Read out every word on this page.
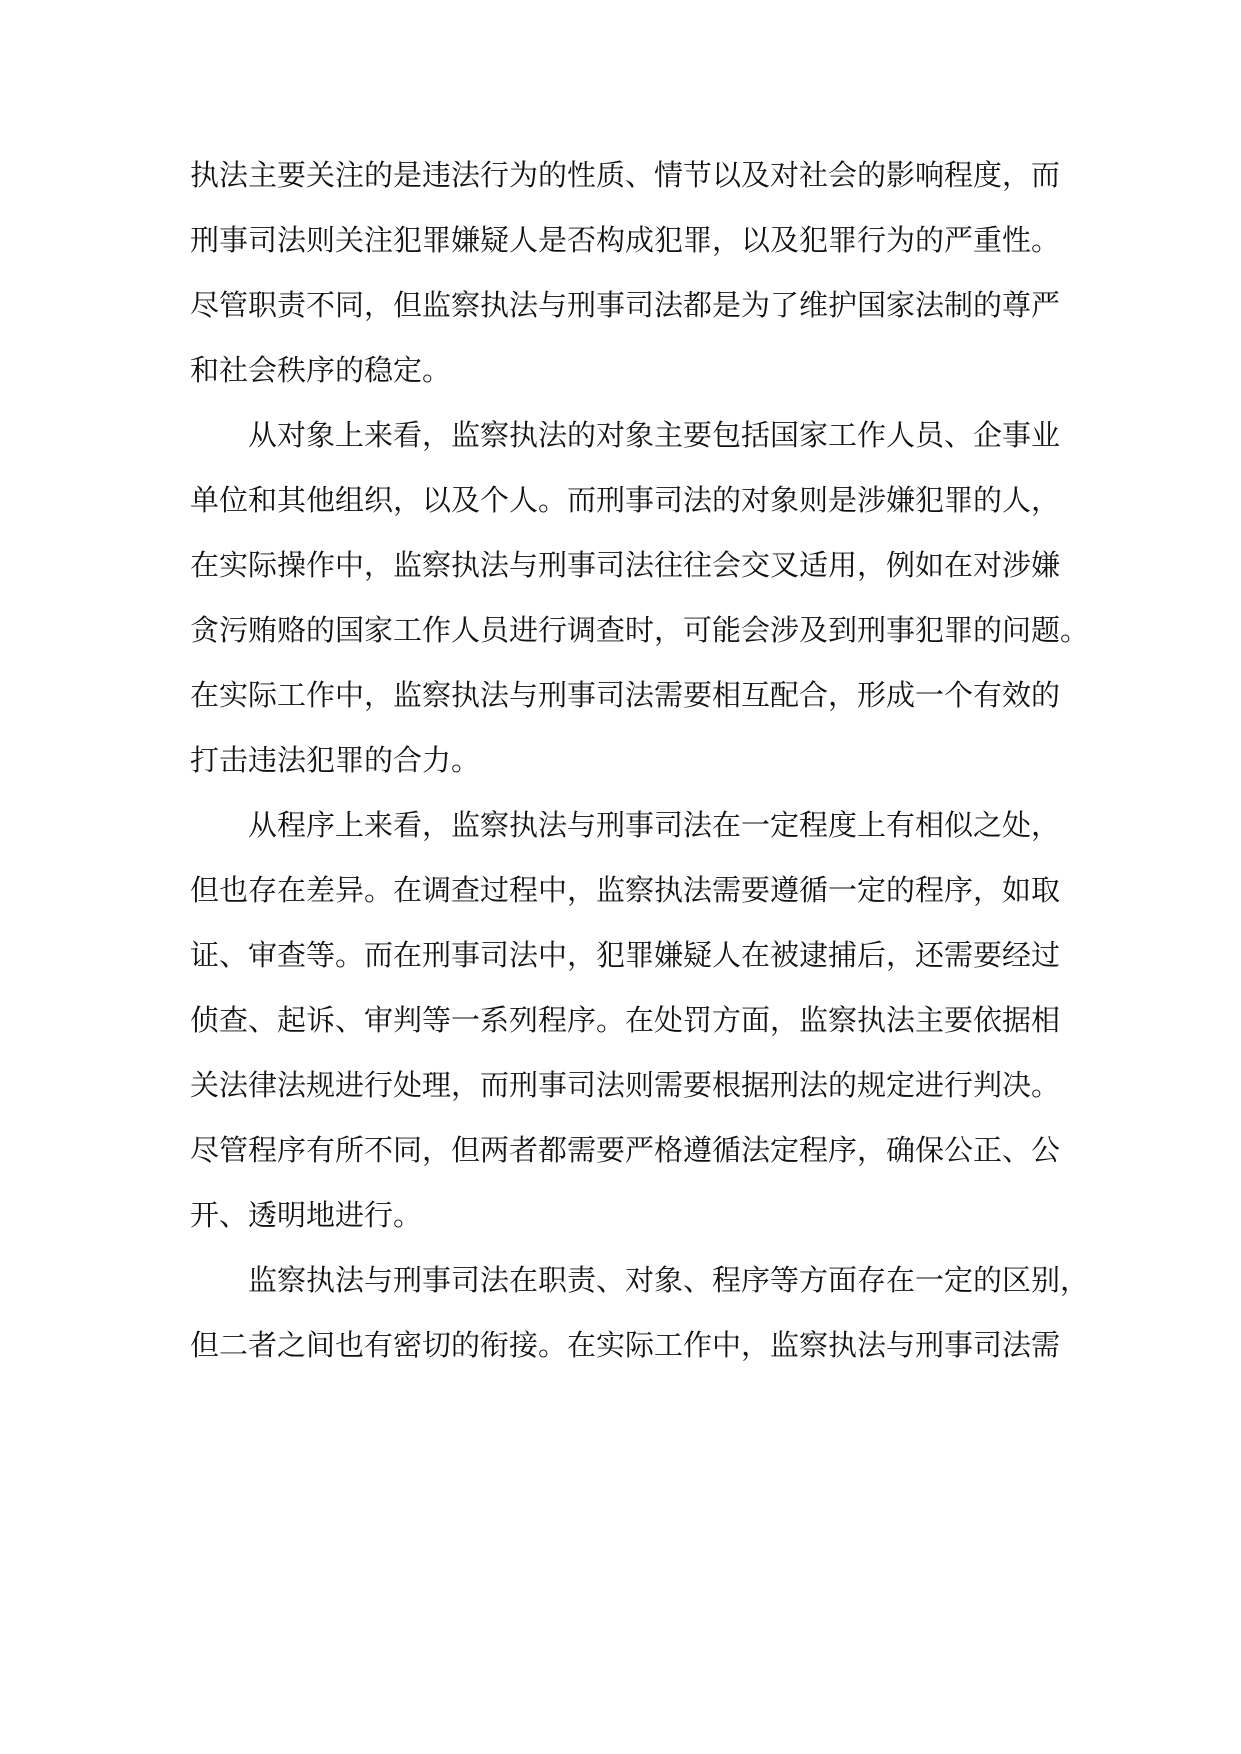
执法主要关注的是违法行为的性质、情节以及对社会的影响程度，而
刑事司法则关注犯罪嫌疑人是否构成犯罪，以及犯罪行为的严重性。
尽管职责不同，但监察执法与刑事司法都是为了维护国家法制的尊严
和社会秩序的稳定。
从对象上来看，监察执法的对象主要包括国家工作人员、企事业
单位和其他组织，以及个人。而刑事司法的对象则是涉嫌犯罪的人，
在实际操作中，监察执法与刑事司法往往会交叉适用，例如在对涉嫌
贪污贿赂的国家工作人员进行调查时，可能会涉及到刑事犯罪的问题。
在实际工作中，监察执法与刑事司法需要相互配合，形成一个有效的
打击违法犯罪的合力。
从程序上来看，监察执法与刑事司法在一定程度上有相似之处，
但也存在差异。在调查过程中，监察执法需要遵循一定的程序，如取
证、审查等。而在刑事司法中，犯罪嫌疑人在被逮捕后，还需要经过
侦查、起诉、审判等一系列程序。在处罚方面，监察执法主要依据相
关法律法规进行处理，而刑事司法则需要根据刑法的规定进行判决。
尽管程序有所不同，但两者都需要严格遵循法定程序，确保公正、公
开、透明地进行。
监察执法与刑事司法在职责、对象、程序等方面存在一定的区别，
但二者之间也有密切的衔接。在实际工作中，监察执法与刑事司法需
